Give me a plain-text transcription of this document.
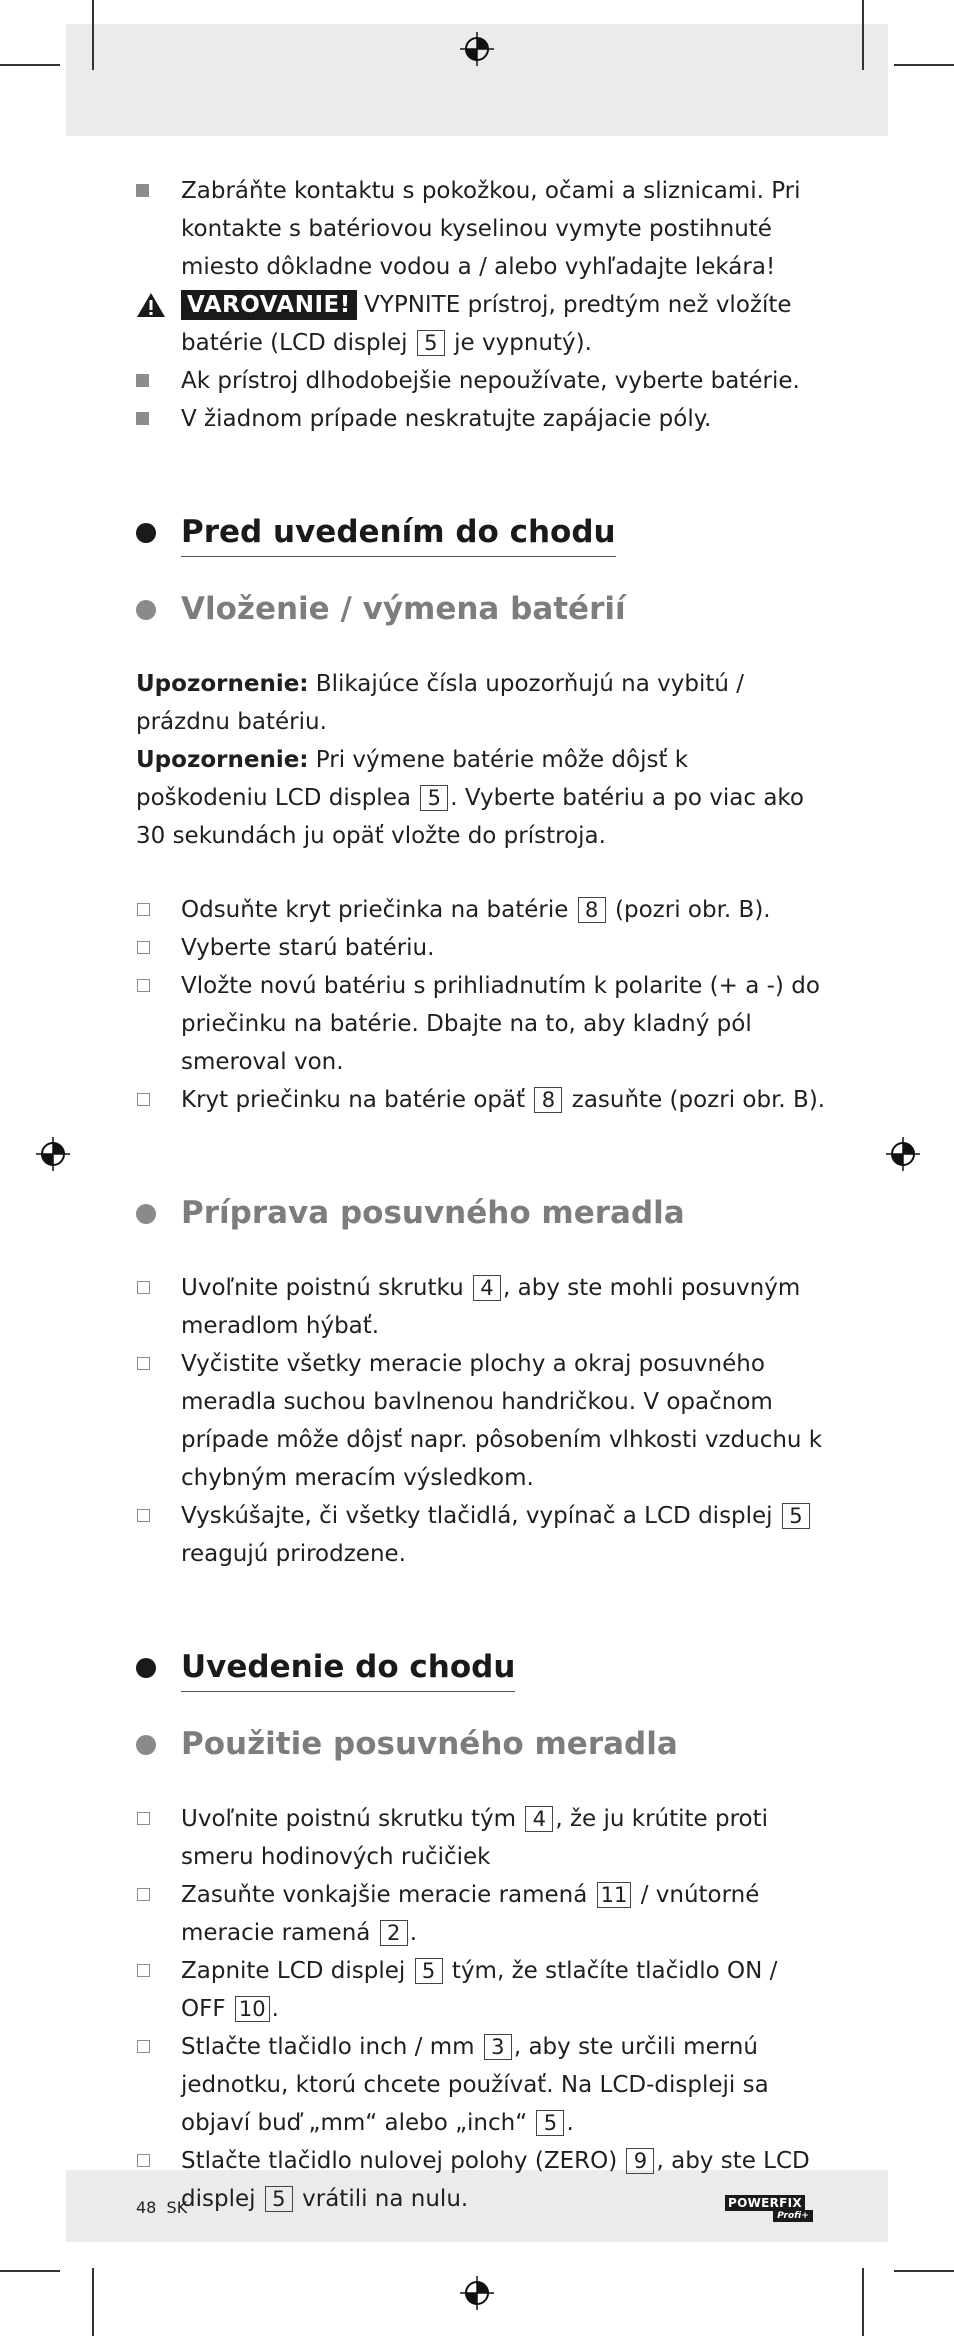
Zabráňte kontaktu s pokožkou, očami a sliznicami. Pri kontakte s batériovou kyselinou vymyte postihnuté miesto dôkladne vodou a / alebo vyhľadajte lekára!
VAROVANIE! VYPNITE prístroj, predtým než vložíte batérie (LCD displej 5 je vypnutý).
Ak prístroj dlhodobejšie nepoužívate, vyberte batérie.
V žiadnom prípade neskratujte zapájacie póly.
Pred uvedením do chodu
Vloženie / výmena batérií
Upozornenie: Blikajúce čísla upozorňujú na vybitú / prázdnu batériu.
Upozornenie: Pri výmene batérie môže dôjsť k poškodeniu LCD displea 5 . Vyberte batériu a po viac ako 30 sekundách ju opäť vložte do prístroja.
Odsuňte kryt priečinka na batérie 8 (pozri obr. B).
Vyberte starú batériu.
Vložte novú batériu s prihliadnutím k polarite (+ a -) do priečinku na batérie. Dbajte na to, aby kladný pól smeroval von.
Kryt priečinku na batérie opäť 8 zasuňte (pozri obr. B).
Príprava posuvného meradla
Uvoľnite poistnú skrutku 4 , aby ste mohli posuvným meradlom hýbať.
Vyčistite všetky meracie plochy a okraj posuvného meradla suchou bavlnenou handričkou. V opačnom prípade môže dôjsť napr. pôsobením vlhkosti vzduchu k chybným meracím výsledkom.
Vyskúšajte, či všetky tlačidlá, vypínač a LCD displej 5 reagujú prirodzene.
Uvedenie do chodu
Použitie posuvného meradla
Uvoľnite poistnú skrutku tým 4 , že ju krútite proti smeru hodinových ručičiek
Zasuňte vonkajšie meracie ramená 11 / vnútorné meracie ramená 2 .
Zapnite LCD displej 5 tým, že stlačíte tlačidlo ON / OFF 10 .
Stlačte tlačidlo inch / mm 3 , aby ste určili mernú jednotku, ktorú chcete používať. Na LCD-displeji sa objaví buď „mm“ alebo „inch“ 5 .
Stlačte tlačidlo nulovej polohy (ZERO) 9 , aby ste LCD displej 5 vrátili na nulu.
48 SK	POWERFIX
Profi+
